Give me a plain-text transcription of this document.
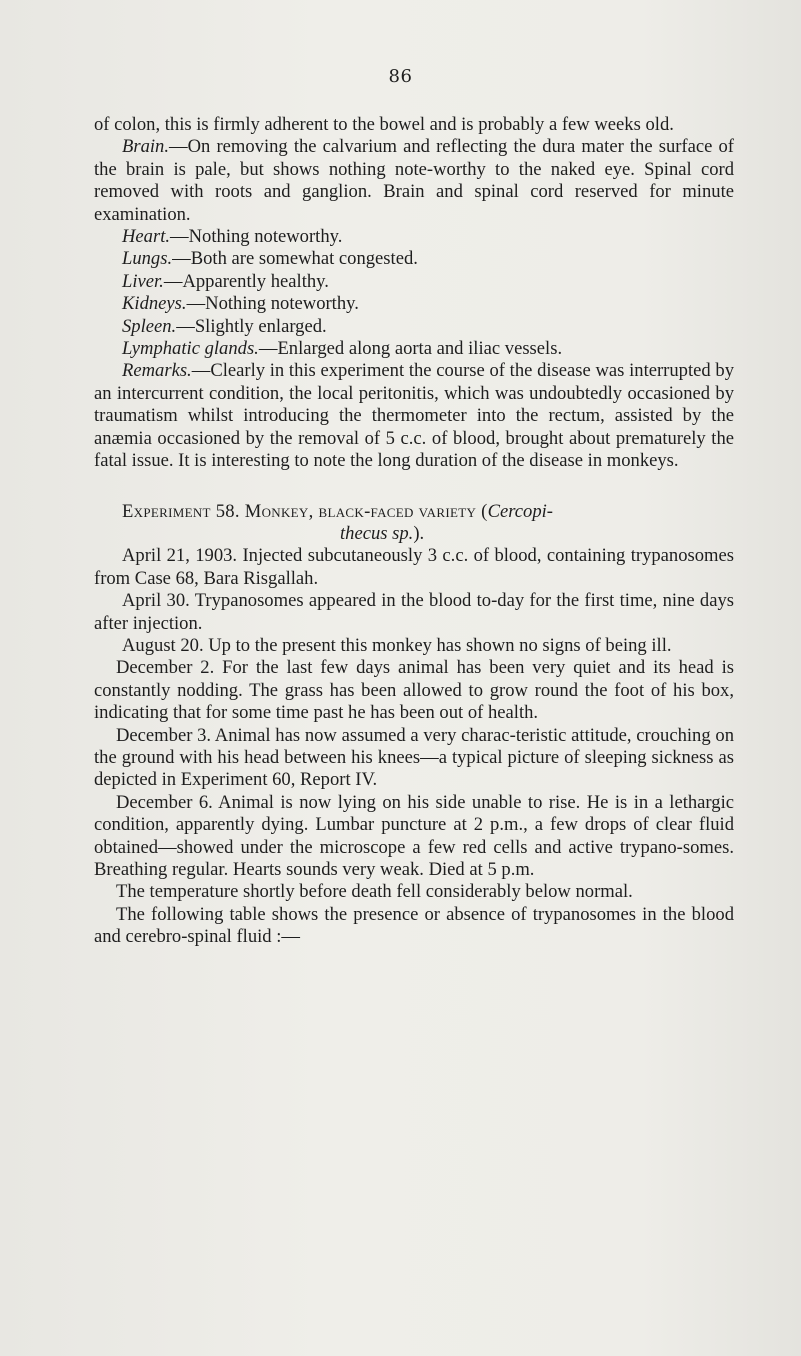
86

of colon, this is firmly adherent to the bowel and is probably a few weeks old.

Brain.—On removing the calvarium and reflecting the dura mater the surface of the brain is pale, but shows nothing note-worthy to the naked eye. Spinal cord removed with roots and ganglion. Brain and spinal cord reserved for minute examination.

Heart.—Nothing noteworthy.

Lungs.—Both are somewhat congested.

Liver.—Apparently healthy.

Kidneys.—Nothing noteworthy.

Spleen.—Slightly enlarged.

Lymphatic glands.—Enlarged along aorta and iliac vessels.

Remarks.—Clearly in this experiment the course of the disease was interrupted by an intercurrent condition, the local peritonitis, which was undoubtedly occasioned by traumatism whilst introducing the thermometer into the rectum, assisted by the anæmia occasioned by the removal of 5 c.c. of blood, brought about prematurely the fatal issue. It is interesting to note the long duration of the disease in monkeys.

Experiment 58. Monkey, black-faced variety (Cercopi-

thecus sp.).

April 21, 1903. Injected subcutaneously 3 c.c. of blood, containing trypanosomes from Case 68, Bara Risgallah.

April 30. Trypanosomes appeared in the blood to-day for the first time, nine days after injection.

August 20. Up to the present this monkey has shown no signs of being ill.

December 2. For the last few days animal has been very quiet and its head is constantly nodding. The grass has been allowed to grow round the foot of his box, indicating that for some time past he has been out of health.

December 3. Animal has now assumed a very charac-teristic attitude, crouching on the ground with his head between his knees—a typical picture of sleeping sickness as depicted in Experiment 60, Report IV.

December 6. Animal is now lying on his side unable to rise. He is in a lethargic condition, apparently dying. Lumbar puncture at 2 p.m., a few drops of clear fluid obtained—showed under the microscope a few red cells and active trypano-somes. Breathing regular. Hearts sounds very weak. Died at 5 p.m.

The temperature shortly before death fell considerably below normal.

The following table shows the presence or absence of trypanosomes in the blood and cerebro-spinal fluid :—
